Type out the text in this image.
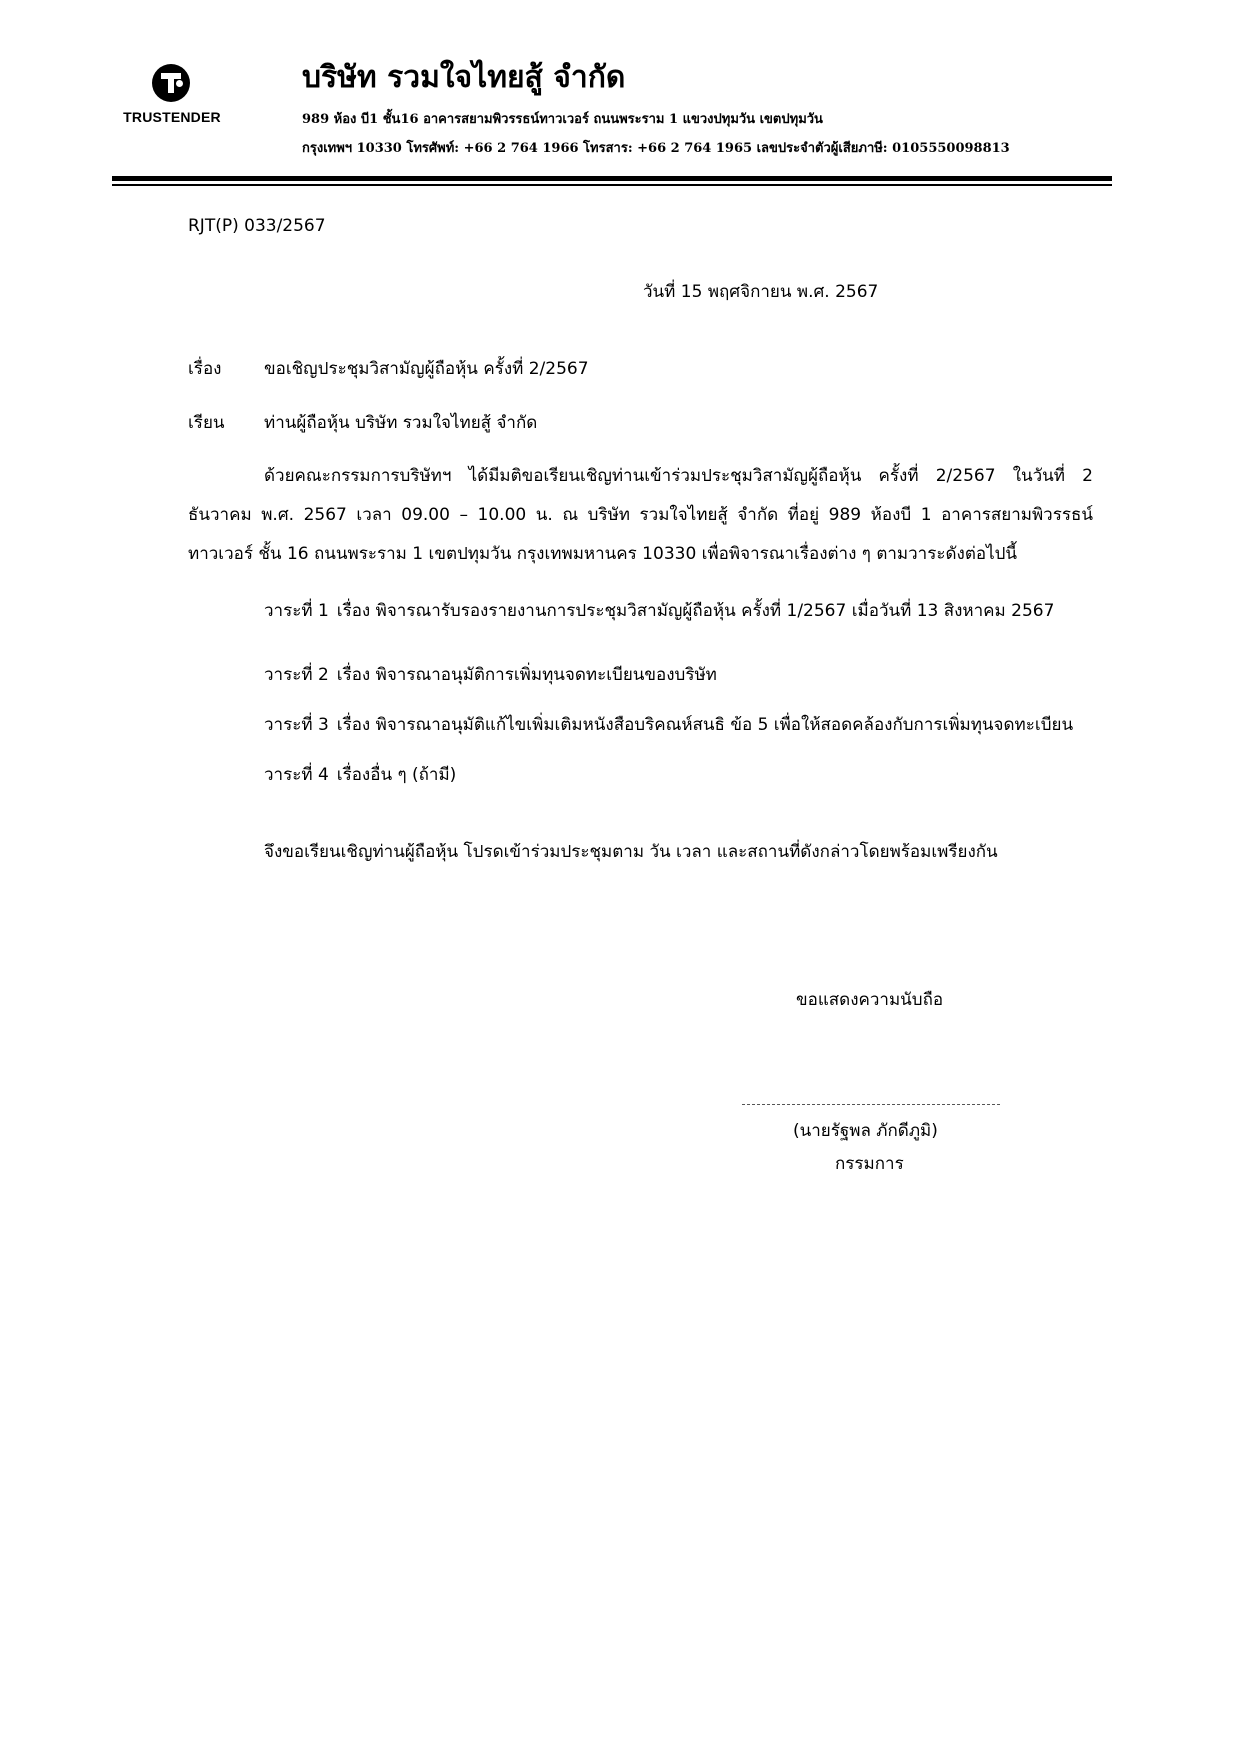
TRUSTENDER
บริษัท รวมใจไทยสู้ จำกัด
989 ห้อง บี1 ชั้น16 อาคารสยามพิวรรธน์ทาวเวอร์ ถนนพระราม 1 แขวงปทุมวัน เขตปทุมวัน
กรุงเทพฯ 10330 โทรศัพท์: +66 2 764 1966 โทรสาร: +66 2 764 1965 เลขประจำตัวผู้เสียภาษี: 0105550098813
RJT(P) 033/2567
วันที่ 15 พฤศจิกายน พ.ศ. 2567
เรื่อง	ขอเชิญประชุมวิสามัญผู้ถือหุ้น ครั้งที่ 2/2567
เรียน ท่านผู้ถือหุ้น บริษัท รวมใจไทยสู้ จำกัด
ด้วยคณะกรรมการบริษัทฯ ได้มีมติขอเรียนเชิญท่านเข้าร่วมประชุมวิสามัญผู้ถือหุ้น ครั้งที่ 2/2567 ในวันที่ 2 ธันวาคม พ.ศ. 2567 เวลา 09.00 – 10.00 น. ณ บริษัท รวมใจไทยสู้ จำกัด ที่อยู่ 989 ห้องบี 1 อาคารสยามพิวรรธน์ ทาวเวอร์ ชั้น 16 ถนนพระราม 1 เขตปทุมวัน กรุงเทพมหานคร 10330 เพื่อพิจารณาเรื่องต่าง ๆ ตามวาระดังต่อไปนี้
วาระที่ 1 เรื่อง พิจารณารับรองรายงานการประชุมวิสามัญผู้ถือหุ้น ครั้งที่ 1/2567 เมื่อวันที่ 13 สิงหาคม 2567
วาระที่ 2 เรื่อง พิจารณาอนุมัติการเพิ่มทุนจดทะเบียนของบริษัท
วาระที่ 3 เรื่อง พิจารณาอนุมัติแก้ไขเพิ่มเติมหนังสือบริคณห์สนธิ ข้อ 5 เพื่อให้สอดคล้องกับการเพิ่มทุนจดทะเบียน
วาระที่ 4 เรื่องอื่น ๆ (ถ้ามี)
จึงขอเรียนเชิญท่านผู้ถือหุ้น โปรดเข้าร่วมประชุมตาม วัน เวลา และสถานที่ดังกล่าวโดยพร้อมเพรียงกัน
ขอแสดงความนับถือ
(นายรัฐพล ภักดีภูมิ)
กรรมการ
